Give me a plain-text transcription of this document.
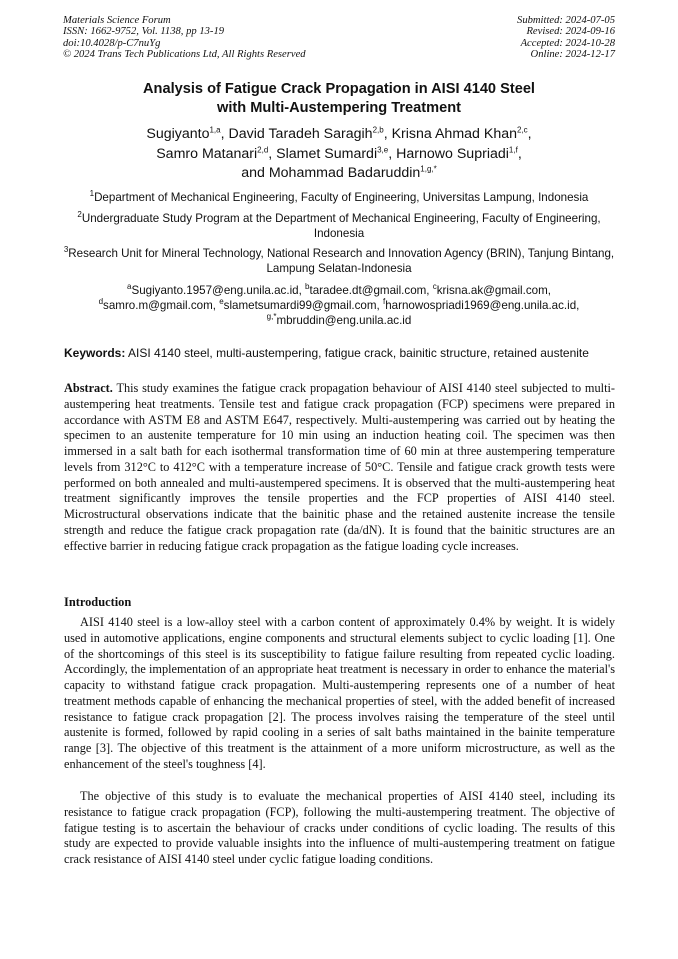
Materials Science Forum
ISSN: 1662-9752, Vol. 1138, pp 13-19
doi:10.4028/p-C7nuYg
© 2024 Trans Tech Publications Ltd, All Rights Reserved
Submitted: 2024-07-05
Revised: 2024-09-16
Accepted: 2024-10-28
Online: 2024-12-17
Analysis of Fatigue Crack Propagation in AISI 4140 Steel
with Multi-Austempering Treatment
Sugiyanto$^{1,a}$, David Taradeh Saragih$^{2,b}$, Krisna Ahmad Khan$^{2,c}$,
Samro Matanari$^{2,d}$, Slamet Sumardi$^{3,e}$, Harnowo Supriadi$^{1,f}$,
and Mohammad Badaruddin$^{1,g,*}$
$^1$Department of Mechanical Engineering, Faculty of Engineering, Universitas Lampung, Indonesia
$^2$Undergraduate Study Program at the Department of Mechanical Engineering, Faculty of Engineering, Indonesia
$^3$Research Unit for Mineral Technology, National Research and Innovation Agency (BRIN), Tanjung Bintang, Lampung Selatan-Indonesia
$^a$Sugiyanto.1957@eng.unila.ac.id, $^b$taradee.dt@gmail.com, $^c$krisna.ak@gmail.com,
$^d$samro.m@gmail.com, $^e$slametsumardi99@gmail.com, $^f$harnowospriadi1969@eng.unila.ac.id,
$^{g,*}$mbruddin@eng.unila.ac.id
Keywords: AISI 4140 steel, multi-austempering, fatigue crack, bainitic structure, retained austenite
Abstract. This study examines the fatigue crack propagation behaviour of AISI 4140 steel subjected to multi-austempering heat treatments. Tensile test and fatigue crack propagation (FCP) specimens were prepared in accordance with ASTM E8 and ASTM E647, respectively. Multi-austempering was carried out by heating the specimen to an austenite temperature for 10 min using an induction heating coil. The specimen was then immersed in a salt bath for each isothermal transformation time of 60 min at three austempering temperature levels from 312°C to 412°C with a temperature increase of 50°C. Tensile and fatigue crack growth tests were performed on both annealed and multi-austempered specimens. It is observed that the multi-austempering heat treatment significantly improves the tensile properties and the FCP properties of AISI 4140 steel. Microstructural observations indicate that the bainitic phase and the retained austenite increase the tensile strength and reduce the fatigue crack propagation rate (da/dN). It is found that the bainitic structures are an effective barrier in reducing fatigue crack propagation as the fatigue loading cycle increases.
Introduction

AISI 4140 steel is a low-alloy steel with a carbon content of approximately 0.4% by weight. It is widely used in automotive applications, engine components and structural elements subject to cyclic loading [1]. One of the shortcomings of this steel is its susceptibility to fatigue failure resulting from repeated cyclic loading. Accordingly, the implementation of an appropriate heat treatment is necessary in order to enhance the material's capacity to withstand fatigue crack propagation. Multi-austempering represents one of a number of heat treatment methods capable of enhancing the mechanical properties of steel, with the added benefit of increased resistance to fatigue crack propagation [2]. The process involves raising the temperature of the steel until austenite is formed, followed by rapid cooling in a series of salt baths maintained in the bainite temperature range [3]. The objective of this treatment is the attainment of a more uniform microstructure, as well as the enhancement of the steel's toughness [4].

The objective of this study is to evaluate the mechanical properties of AISI 4140 steel, including its resistance to fatigue crack propagation (FCP), following the multi-austempering treatment. The objective of fatigue testing is to ascertain the behaviour of cracks under conditions of cyclic loading. The results of this study are expected to provide valuable insights into the influence of multi-austempering treatment on fatigue crack resistance of AISI 4140 steel under cyclic fatigue loading conditions.
